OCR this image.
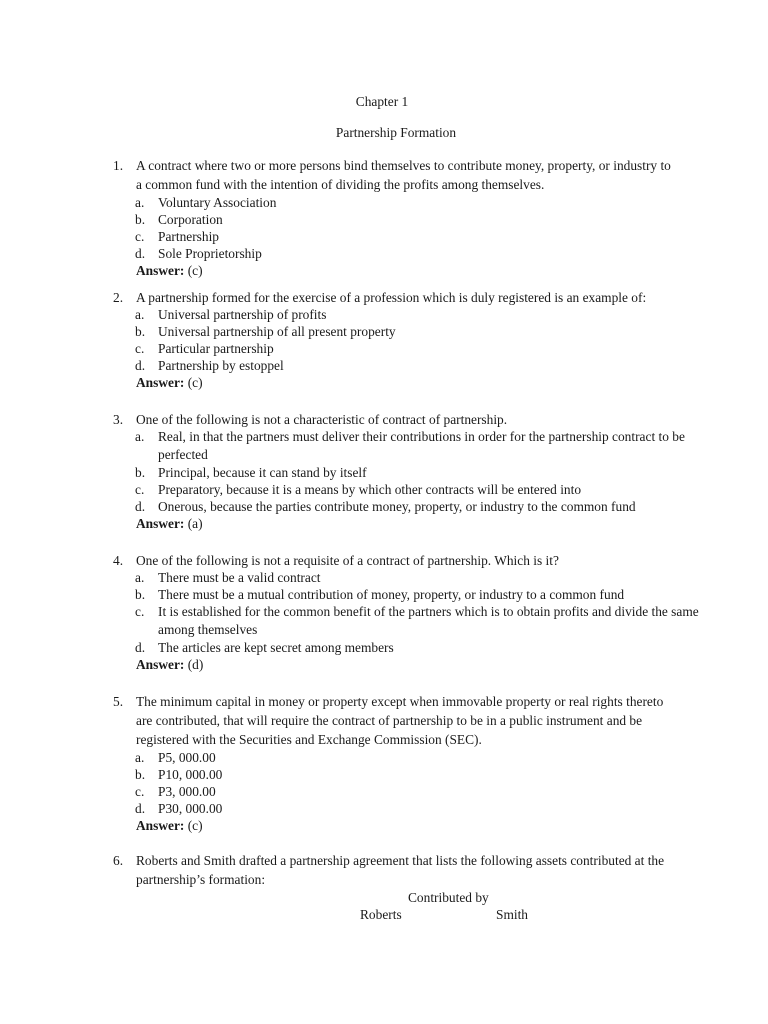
Chapter 1
Partnership Formation
1. A contract where two or more persons bind themselves to contribute money, property, or industry to a common fund with the intention of dividing the profits among themselves.
a. Voluntary Association
b. Corporation
c. Partnership
d. Sole Proprietorship
Answer: (c)
2. A partnership formed for the exercise of a profession which is duly registered is an example of:
a. Universal partnership of profits
b. Universal partnership of all present property
c. Particular partnership
d. Partnership by estoppel
Answer: (c)
3. One of the following is not a characteristic of contract of partnership.
a. Real, in that the partners must deliver their contributions in order for the partnership contract to be perfected
b. Principal, because it can stand by itself
c. Preparatory, because it is a means by which other contracts will be entered into
d. Onerous, because the parties contribute money, property, or industry to the common fund
Answer: (a)
4. One of the following is not a requisite of a contract of partnership. Which is it?
a. There must be a valid contract
b. There must be a mutual contribution of money, property, or industry to a common fund
c. It is established for the common benefit of the partners which is to obtain profits and divide the same among themselves
d. The articles are kept secret among members
Answer: (d)
5. The minimum capital in money or property except when immovable property or real rights thereto are contributed, that will require the contract of partnership to be in a public instrument and be registered with the Securities and Exchange Commission (SEC).
a. P5, 000.00
b. P10, 000.00
c. P3, 000.00
d. P30, 000.00
Answer: (c)
6. Roberts and Smith drafted a partnership agreement that lists the following assets contributed at the partnership’s formation:
Contributed by
Roberts	Smith
